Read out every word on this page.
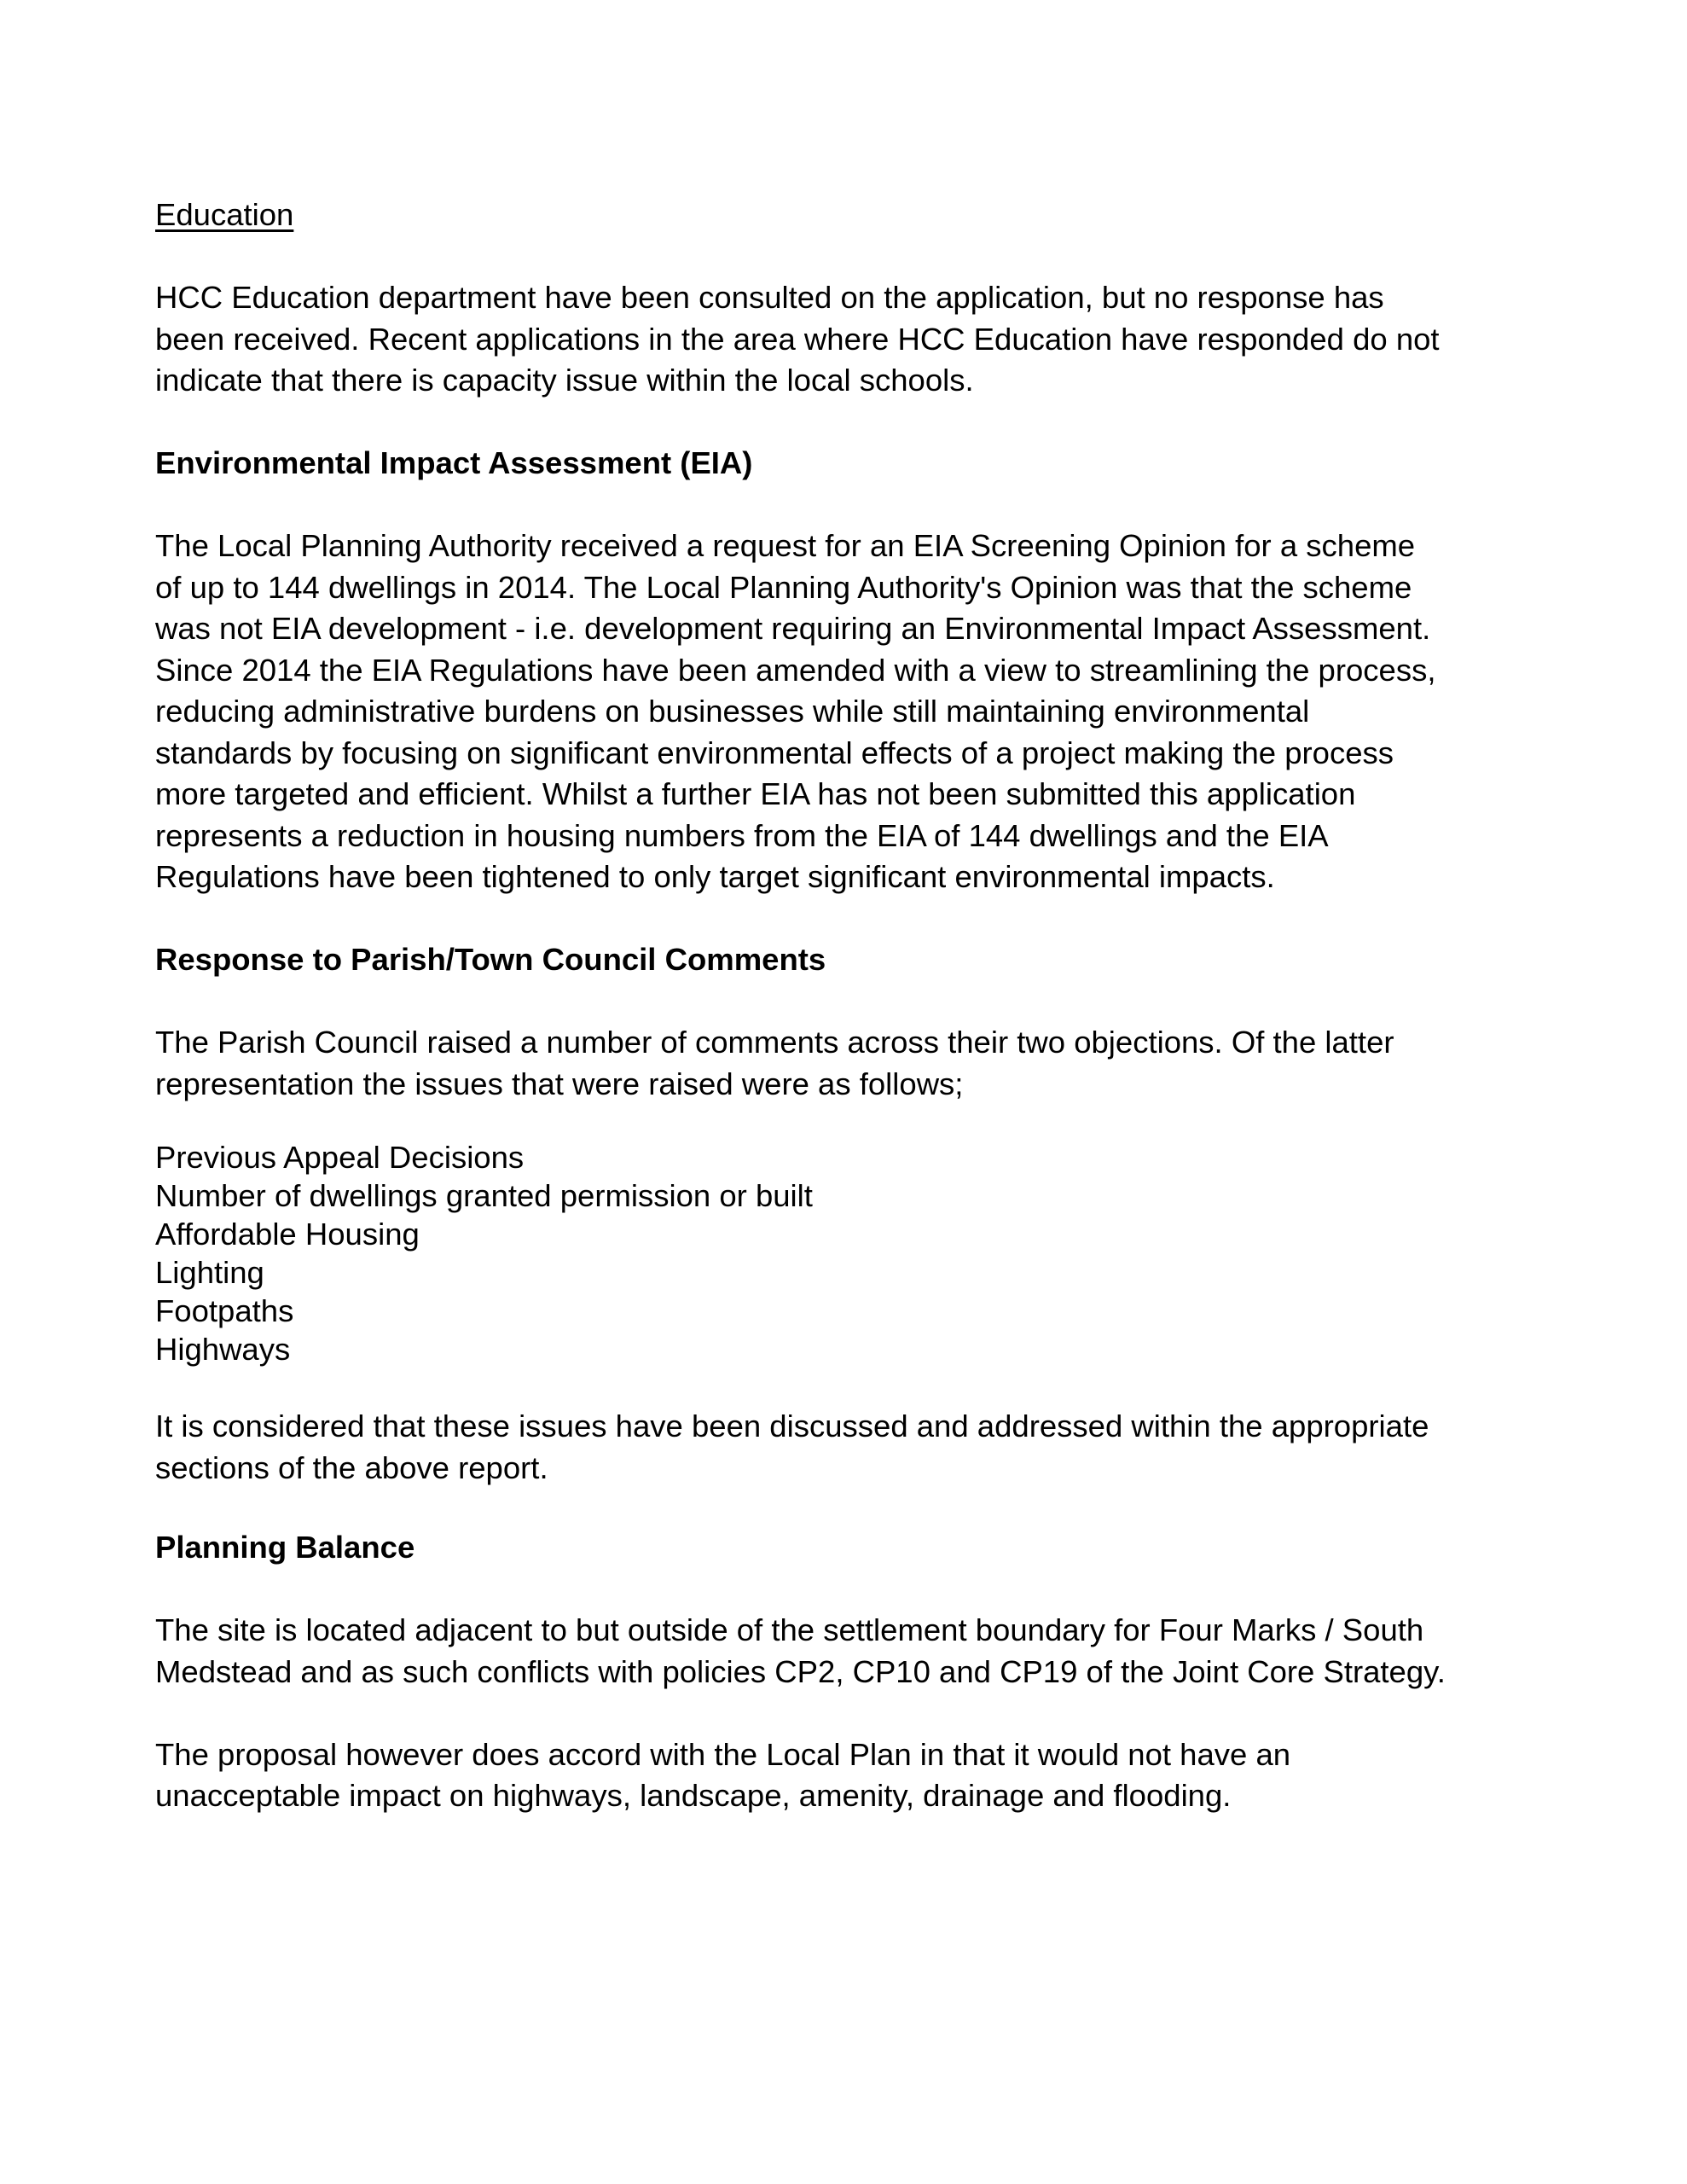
Education

HCC Education department have been consulted on the application, but no response has
been received. Recent applications in the area where HCC Education have responded do not
indicate that there is capacity issue within the local schools.

Environmental Impact Assessment (EIA)

The Local Planning Authority received a request for an EIA Screening Opinion for a scheme
of up to 144 dwellings in 2014. The Local Planning Authority's Opinion was that the scheme
was not EIA development - i.e. development requiring an Environmental Impact Assessment.
Since 2014 the EIA Regulations have been amended with a view to streamlining the process,
reducing administrative burdens on businesses while still maintaining environmental
standards by focusing on significant environmental effects of a project making the process
more targeted and efficient. Whilst a further EIA has not been submitted this application
represents a reduction in housing numbers from the EIA of 144 dwellings and the EIA
Regulations have been tightened to only target significant environmental impacts.

Response to Parish/Town Council Comments

The Parish Council raised a number of comments across their two objections. Of the latter
representation the issues that were raised were as follows;

Previous Appeal Decisions
Number of dwellings granted permission or built
Affordable Housing
Lighting
Footpaths
Highways

It is considered that these issues have been discussed and addressed within the appropriate
sections of the above report.

Planning Balance

The site is located adjacent to but outside of the settlement boundary for Four Marks / South
Medstead and as such conflicts with policies CP2, CP10 and CP19 of the Joint Core Strategy.

The proposal however does accord with the Local Plan in that it would not have an
unacceptable impact on highways, landscape, amenity, drainage and flooding.
